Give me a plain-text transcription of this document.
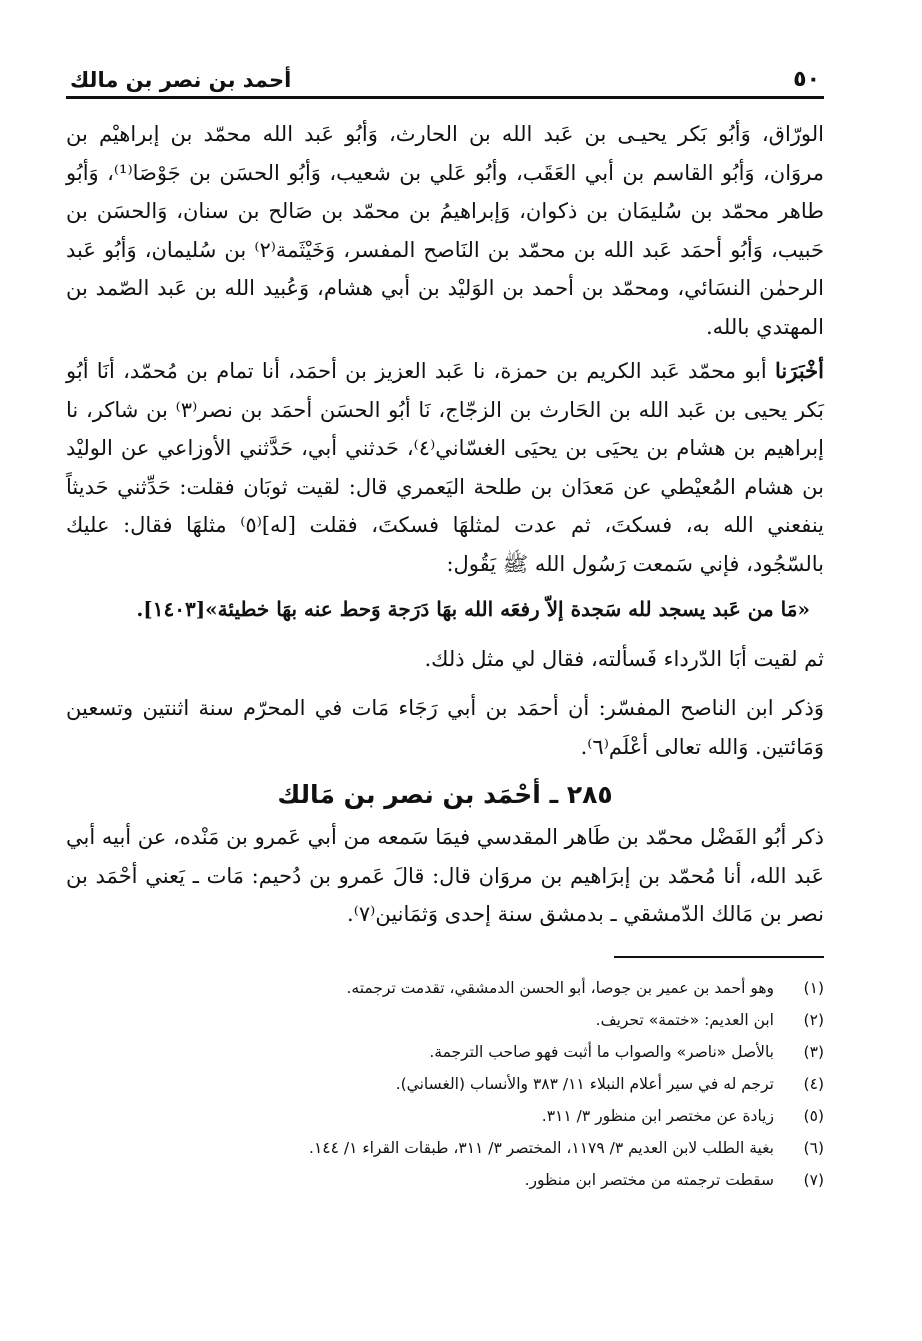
٥٠
أحمد بن نصر بن مالك

الورّاق، وَأبُو بَكر يحيـى بن عَبد الله بن الحارث، وَأبُو عَبد الله محمّد بن إبراهيْم بن مروَان، وَأبُو القاسم بن أبي العَقَب، وأبُو عَلي بن شعيب، وَأبُو الحسَن بن جَوْصَا⁽¹⁾، وَأبُو طاهر محمّد بن سُليمَان بن ذكوان، وَإبراهيمُ بن محمّد بن صَالح بن سنان، وَالحسَن بن حَبيب، وَأبُو أحمَد عَبد الله بن محمّد بن النَاصح المفسر، وَخَيْثَمة⁽٢⁾ بن سُليمان، وَأبُو عَبد الرحمٰن النسَائي، ومحمّد بن أحمد بن الوَليْد بن أبي هشام، وَعُبيد الله بن عَبد الصّمد بن المهتدي بالله.

أخْبَرَنا أبو محمّد عَبد الكريم بن حمزة، نا عَبد العزيز بن أحمَد، أنا تمام بن مُحمّد، أنَا أبُو بَكر يحيى بن عَبد الله بن الحَارث بن الزجّاج، نَا أبُو الحسَن أحمَد بن نصر⁽٣⁾ بن شاكر، نا إبراهيم بن هشام بن يحيَى بن يحيَى الغسّاني⁽٤⁾، حَدثني أبي، حَدَّثني الأوزاعي عن الوليْد بن هشام المُعيْطي عن مَعدَان بن طلحة اليَعمري قال: لقيت ثوبَان فقلت: حَدِّثني حَديثاً ينفعني الله به، فسكتَ، ثم عدت لمثلهَا فسكتَ، فقلت [له]⁽٥⁾ مثلهَا فقال: عليك بالسّجُود، فإني سَمعت رَسُول الله ﷺ يَقُول:

«مَا من عَبد يسجد لله سَجدة إلاّ رفعَه الله بهَا دَرَجة وَحط عنه بهَا خطيئة»[١٤٠٣].

ثم لقيت أبَا الدّرداء فَسألته، فقال لي مثل ذلك.

وَذكر ابن الناصح المفسّر: أن أحمَد بن أبي رَجَاء مَات في المحرّم سنة اثنتين وتسعين وَمَائتين. وَالله تعالى أعْلَم⁽٦⁾.

٢٨٥ ـ أحْمَد بن نصر بن مَالك

ذكر أبُو الفَضْل محمّد بن طَاهر المقدسي فيمَا سَمعه من أبي عَمرو بن مَنْده، عن أبيه أبي عَبد الله، أنا مُحمّد بن إبرَاهيم بن مروَان قال: قالَ عَمرو بن دُحيم: مَات ـ يَعني أحْمَد بن نصر بن مَالك الدّمشقي ـ بدمشق سنة إحدى وَثمَانين⁽٧⁾.

(١)
وهو أحمد بن عمير بن جوصا، أبو الحسن الدمشقي، تقدمت ترجمته.
(٢)
ابن العديم: «ختمة» تحريف.
(٣)
بالأصل «ناصر» والصواب ما أثبت فهو صاحب الترجمة.
(٤)
ترجم له في سير أعلام النبلاء ١١/ ٣٨٣ والأنساب (الغساني).
(٥)
زيادة عن مختصر ابن منظور ٣/ ٣١١.
(٦)
بغية الطلب لابن العديم ٣/ ١١٧٩، المختصر ٣/ ٣١١، طبقات القراء ١/ ١٤٤.
(٧)
سقطت ترجمته من مختصر ابن منظور.
